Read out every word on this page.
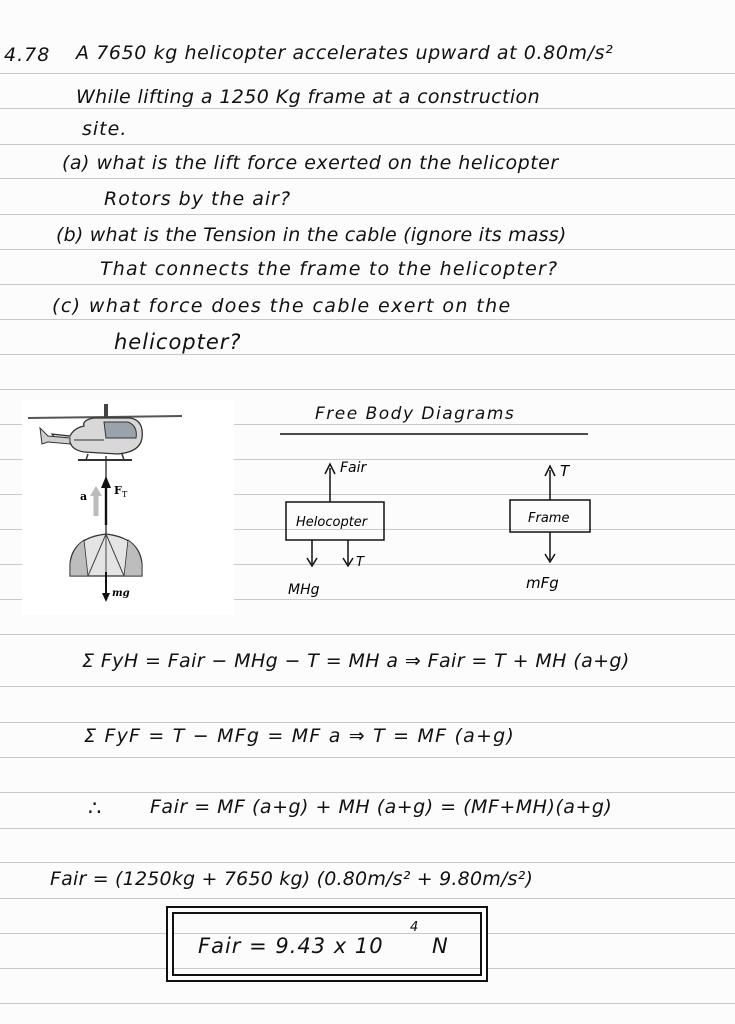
4.78 A 7650 kg helicopter accelerates upward at 0.80m/s²
While lifting a 1250 Kg frame at a construction
site.
(a) what is the lift force exerted on the helicopter
Rotors by the air?
(b) what is the Tension in the cable (ignore its mass)
That connects the frame to the helicopter?
(c) what force does the cable exert on the
helicopter?
F T
a
mg
Free Body Diagrams
Helocopter
Fair
T
MHg
Frame
T
mFg
Σ FyH = Fair − MHg − T = MH a ⇒ Fair = T + MH (a+g)
Σ FyF = T − MFg = MF a ⇒ T = MF (a+g)
∴	Fair = MF (a+g) + MH (a+g) = (MF+MH)(a+g)
Fair = (1250kg + 7650 kg) (0.80m/s² + 9.80m/s²)
Fair = 9.43 x 10
4
N
